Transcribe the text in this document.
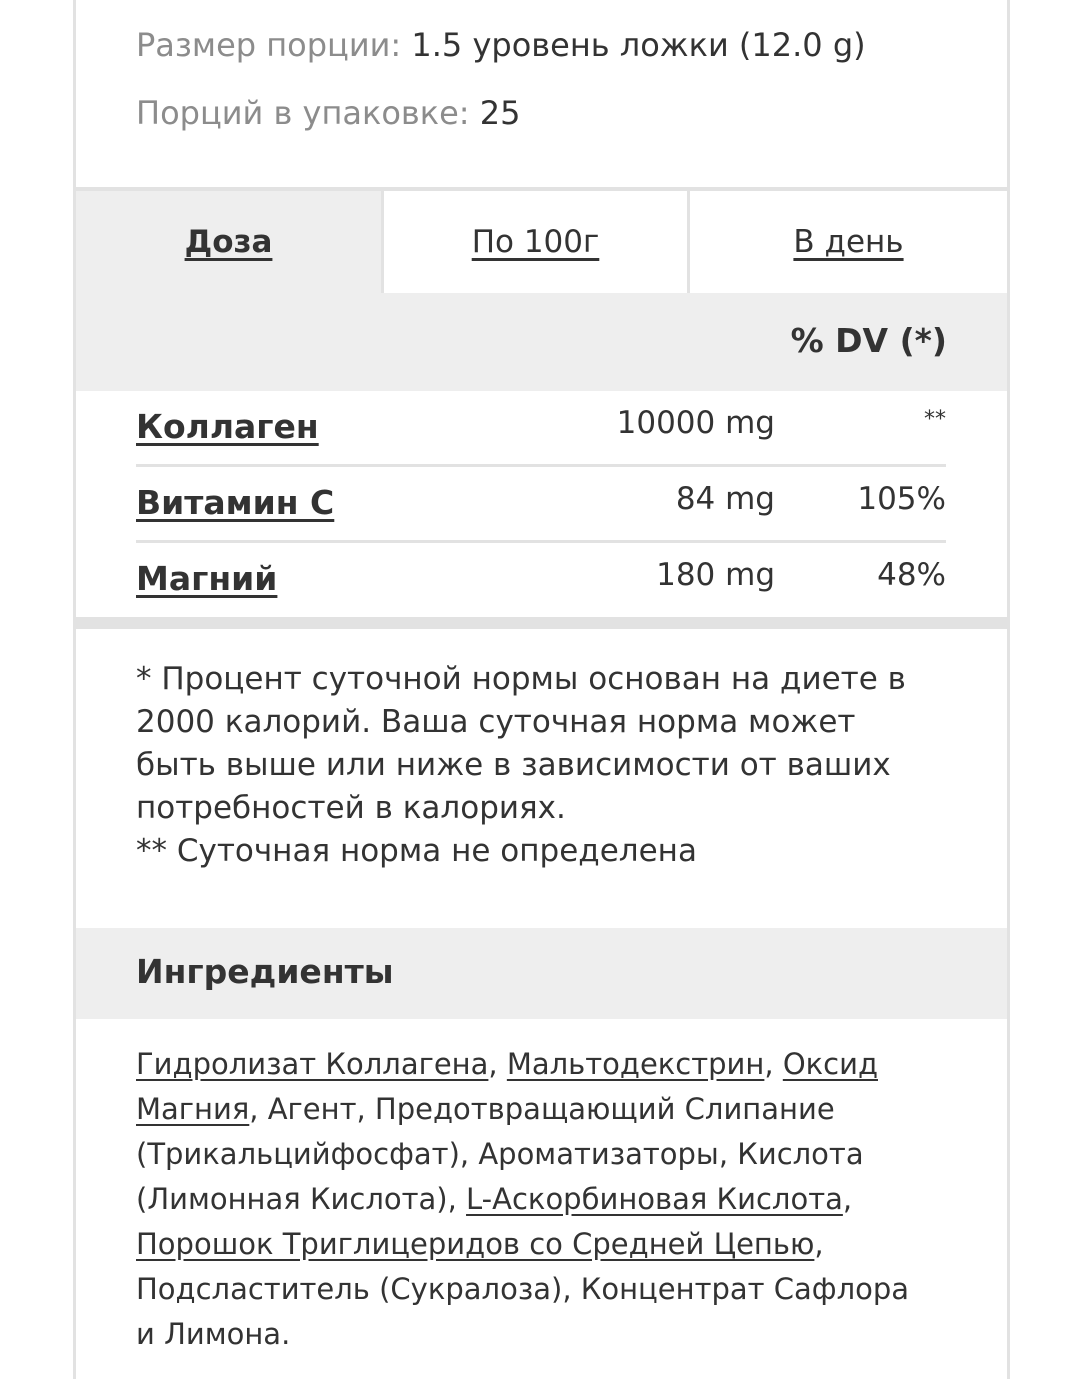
Размер порции: 1.5 уровень ложки (12.0 g)
Порций в упаковке: 25
Доза	По 100г	В день
% DV (*)
Коллаген	10000 mg	**
Витамин С	84 mg	105%
Магний	180 mg	48%

* Процент суточной нормы основан на диете в 2000 калорий. Ваша суточная норма может быть выше или ниже в зависимости от ваших потребностей в калориях.

** Суточная норма не определена

Ингредиенты
Гидролизат Коллагена, Мальтодекстрин, Оксид Магния, Агент, Предотвращающий Слипание (Трикальцийфосфат), Ароматизаторы, Кислота (Лимонная Кислота), L-Аскорбиновая Кислота, Порошок Триглицеридов со Средней Цепью, Подсластитель (Сукралоза), Концентрат Сафлора и Лимона.
